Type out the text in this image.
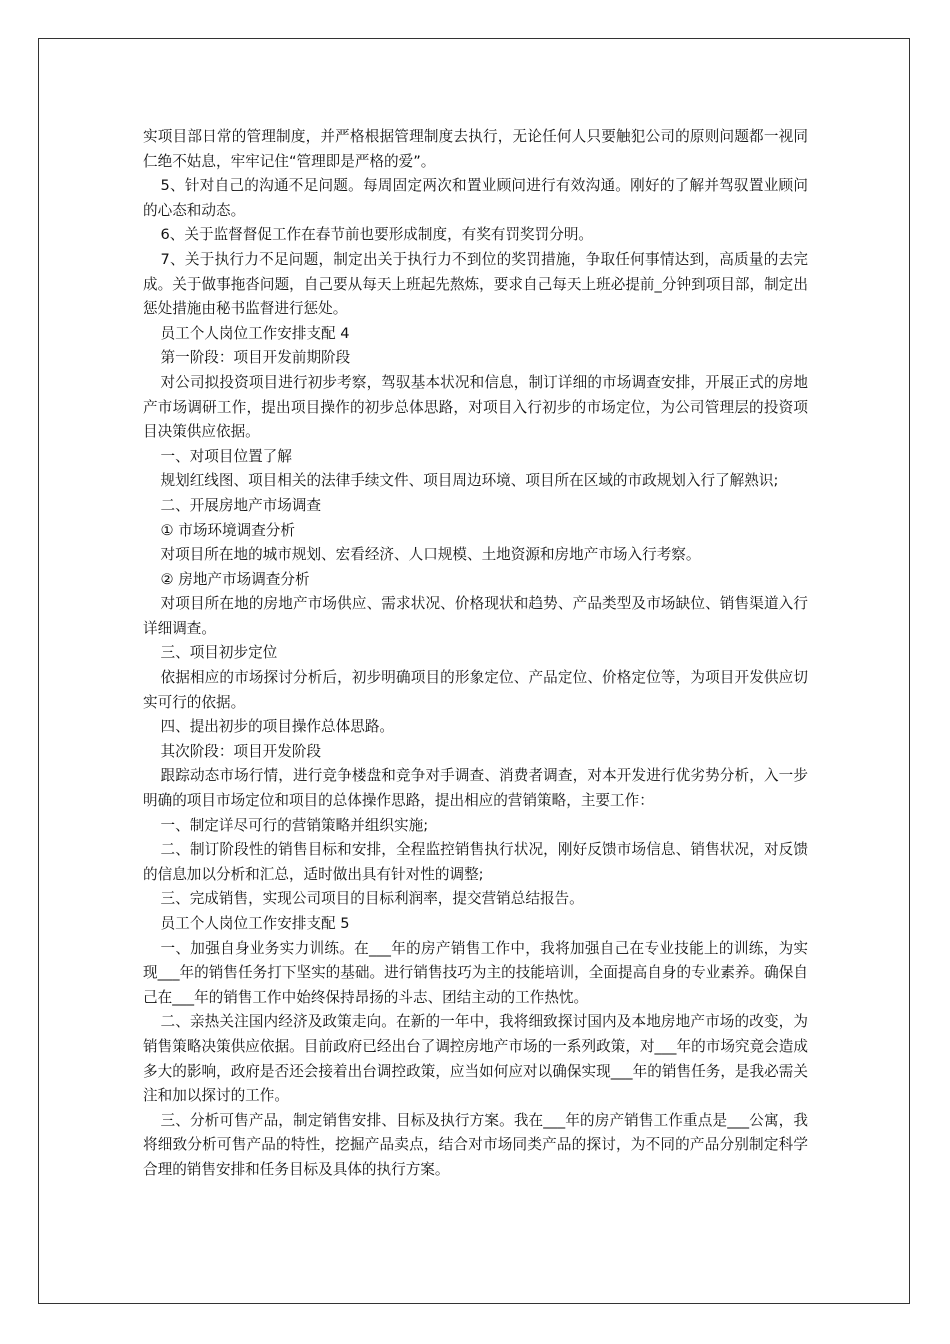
实项目部日常的管理制度，并严格根据管理制度去执行，无论任何人只要触犯公司的原则问题都一视同仁绝不姑息，牢牢记住“管理即是严格的爱”。

5、针对自己的沟通不足问题。每周固定两次和置业顾问进行有效沟通。刚好的了解并驾驭置业顾问的心态和动态。

6、关于监督督促工作在春节前也要形成制度，有奖有罚奖罚分明。

7、关于执行力不足问题，制定出关于执行力不到位的奖罚措施，争取任何事情达到，高质量的去完成。关于做事拖沓问题，自己要从每天上班起先熬炼，要求自己每天上班必提前_分钟到项目部，制定出惩处措施由秘书监督进行惩处。

员工个人岗位工作安排支配 4

第一阶段：项目开发前期阶段

对公司拟投资项目进行初步考察，驾驭基本状况和信息，制订详细的市场调查安排，开展正式的房地产市场调研工作，提出项目操作的初步总体思路，对项目入行初步的市场定位，为公司管理层的投资项目决策供应依据。

一、对项目位置了解

规划红线图、项目相关的法律手续文件、项目周边环境、项目所在区域的市政规划入行了解熟识;

二、开展房地产市场调查

① 市场环境调查分析

对项目所在地的城市规划、宏看经济、人口规模、土地资源和房地产市场入行考察。

② 房地产市场调查分析

对项目所在地的房地产市场供应、需求状况、价格现状和趋势、产品类型及市场缺位、销售渠道入行详细调查。

三、项目初步定位

依据相应的市场探讨分析后，初步明确项目的形象定位、产品定位、价格定位等，为项目开发供应切实可行的依据。

四、提出初步的项目操作总体思路。

其次阶段：项目开发阶段

跟踪动态市场行情，进行竞争楼盘和竞争对手调查、消费者调查，对本开发进行优劣势分析，入一步明确的项目市场定位和项目的总体操作思路，提出相应的营销策略，主要工作：

一、制定详尽可行的营销策略并组织实施;

二、制订阶段性的销售目标和安排，全程监控销售执行状况，刚好反馈市场信息、销售状况，对反馈的信息加以分析和汇总，适时做出具有针对性的调整;

三、完成销售，实现公司项目的目标利润率，提交营销总结报告。

员工个人岗位工作安排支配 5

一、加强自身业务实力训练。在___年的房产销售工作中，我将加强自己在专业技能上的训练，为实现___年的销售任务打下坚实的基础。进行销售技巧为主的技能培训，全面提高自身的专业素养。确保自己在___年的销售工作中始终保持昂扬的斗志、团结主动的工作热忱。

二、亲热关注国内经济及政策走向。在新的一年中，我将细致探讨国内及本地房地产市场的改变，为销售策略决策供应依据。目前政府已经出台了调控房地产市场的一系列政策，对___年的市场究竟会造成多大的影响，政府是否还会接着出台调控政策，应当如何应对以确保实现___年的销售任务，是我必需关注和加以探讨的工作。

三、分析可售产品，制定销售安排、目标及执行方案。我在___年的房产销售工作重点是___公寓，我将细致分析可售产品的特性，挖掘产品卖点，结合对市场同类产品的探讨，为不同的产品分别制定科学合理的销售安排和任务目标及具体的执行方案。
